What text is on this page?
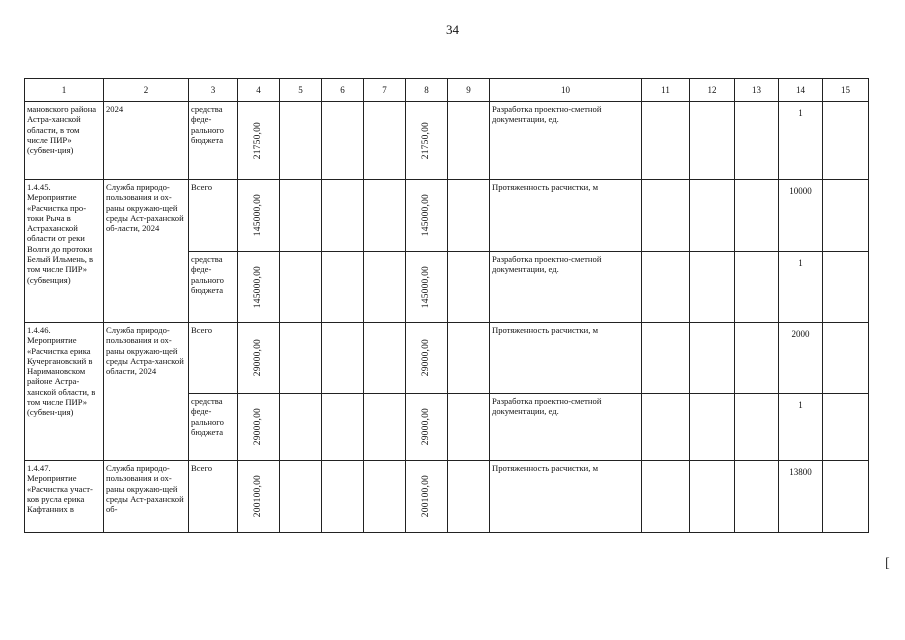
34
1	2	3	4	5	6	7	8	9	10	11	12	13	14	15
мановского района Астра-ханской области, в том числе ПИР» (субвен-ция)	2024	средства феде-рального бюджета	21750,00				21750,00		Разработка проектно-сметной документации, ед.				1	
1.4.45. Мероприятие «Расчистка про-токи Рыча в Астраханской области от реки Волги до протоки Белый Ильмень, в том числе ПИР» (субвенция)	Служба природо-пользования и ох-раны окружаю-щей среды Аст-раханской об-ласти, 2024	Всего	145000,00				145000,00		Протяженность расчистки, м				10000	
		средства феде-рального бюджета	145000,00				145000,00		Разработка проектно-сметной документации, ед.				1	
1.4.46. Мероприятие «Расчистка ерика Кучергановский в Наримановском районе Астра-ханской области, в том числе ПИР» (субвен-ция)	Служба природо-пользования и ох-раны окружаю-щей среды Астра-ханской области, 2024	Всего	29000,00				29000,00		Протяженность расчистки, м				2000	
		средства феде-рального бюджета	29000,00				29000,00		Разработка проектно-сметной документации, ед.				1	
1.4.47. Мероприятие «Расчистка участ-ков русла ерика Кафтанних в	Служба природо-пользования и ох-раны окружаю-щей среды Аст-раханской об-	Всего	200100,00				200100,00		Протяженность расчистки, м				13800	
[
